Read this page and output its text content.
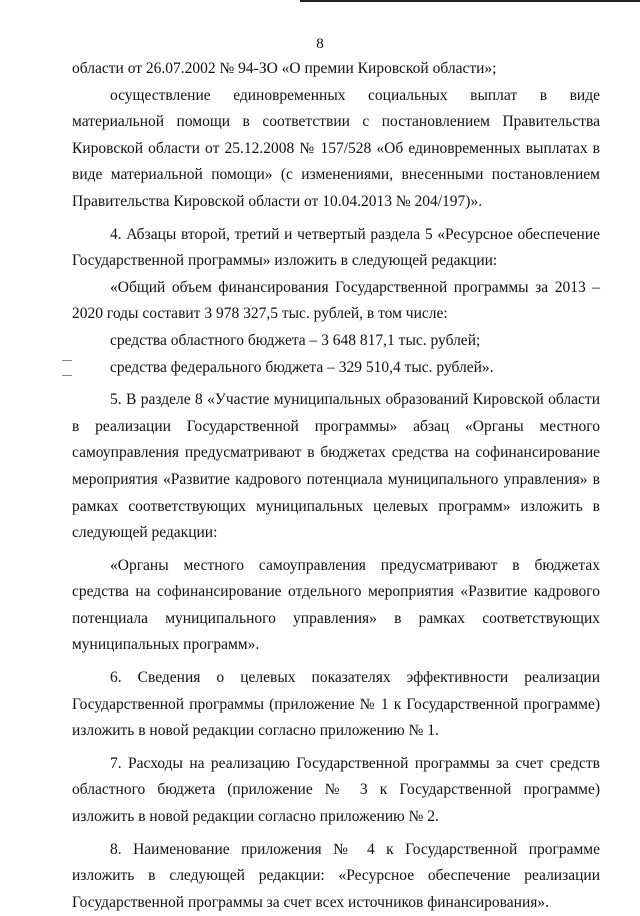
8

области от 26.07.2002 № 94-ЗО «О премии Кировской области»;

осуществление единовременных социальных выплат в виде материальной помощи в соответствии с постановлением Правительства Кировской области от 25.12.2008 № 157/528 «Об единовременных выплатах в виде материальной помощи» (с изменениями, внесенными постановлением Правительства Кировской области от 10.04.2013 № 204/197)».

4. Абзацы второй, третий и четвертый раздела 5 «Ресурсное обеспечение Государственной программы» изложить в следующей редакции:

«Общий объем финансирования Государственной программы за 2013 – 2020 годы составит 3 978 327,5 тыс. рублей, в том числе:

средства областного бюджета – 3 648 817,1 тыс. рублей;

средства федерального бюджета – 329 510,4 тыс. рублей».

5. В разделе 8 «Участие муниципальных образований Кировской области в реализации Государственной программы» абзац «Органы местного самоуправления предусматривают в бюджетах средства на софинансирование мероприятия «Развитие кадрового потенциала муниципального управления» в рамках соответствующих муниципальных целевых программ» изложить в следующей редакции:

«Органы местного самоуправления предусматривают в бюджетах средства на софинансирование отдельного мероприятия «Развитие кадрового потенциала муниципального управления» в рамках соответствующих муниципальных программ».

6. Сведения о целевых показателях эффективности реализации Государственной программы (приложение № 1 к Государственной программе) изложить в новой редакции согласно приложению № 1.

7. Расходы на реализацию Государственной программы за счет средств областного бюджета (приложение № 3 к Государственной программе) изложить в новой редакции согласно приложению № 2.

8. Наименование приложения № 4 к Государственной программе изложить в следующей редакции: «Ресурсное обеспечение реализации Государственной программы за счет всех источников финансирования».
